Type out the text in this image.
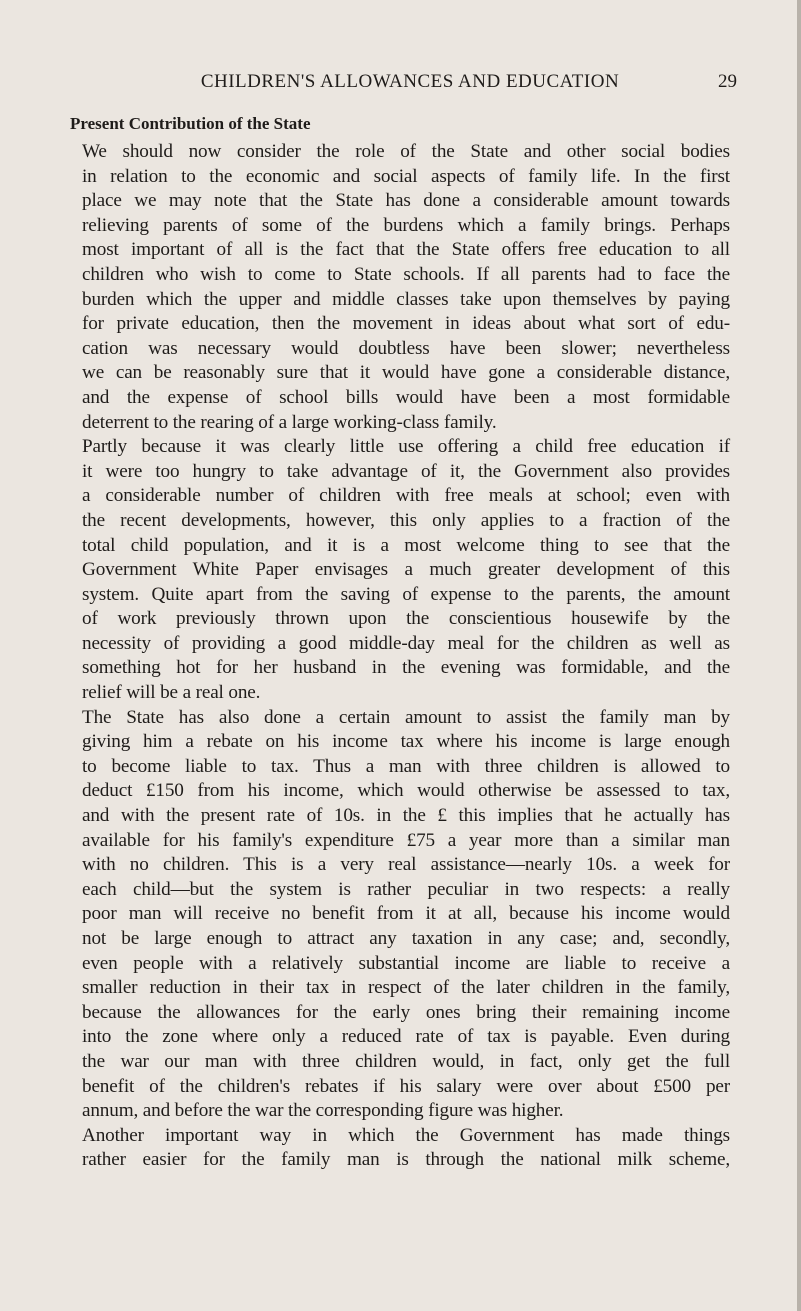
CHILDREN'S ALLOWANCES AND EDUCATION	29
Present Contribution of the State
We should now consider the role of the State and other social bodies
in relation to the economic and social aspects of family life. In the first
place we may note that the State has done a considerable amount towards
relieving parents of some of the burdens which a family brings. Perhaps
most important of all is the fact that the State offers free education to all
children who wish to come to State schools. If all parents had to face the
burden which the upper and middle classes take upon themselves by paying
for private education, then the movement in ideas about what sort of edu-
cation was necessary would doubtless have been slower; nevertheless
we can be reasonably sure that it would have gone a considerable distance,
and the expense of school bills would have been a most formidable
deterrent to the rearing of a large working-class family.
Partly because it was clearly little use offering a child free education if
it were too hungry to take advantage of it, the Government also provides
a considerable number of children with free meals at school; even with
the recent developments, however, this only applies to a fraction of the
total child population, and it is a most welcome thing to see that the
Government White Paper envisages a much greater development of this
system. Quite apart from the saving of expense to the parents, the amount
of work previously thrown upon the conscientious housewife by the
necessity of providing a good middle-day meal for the children as well as
something hot for her husband in the evening was formidable, and the
relief will be a real one.
The State has also done a certain amount to assist the family man by
giving him a rebate on his income tax where his income is large enough
to become liable to tax. Thus a man with three children is allowed to
deduct £150 from his income, which would otherwise be assessed to tax,
and with the present rate of 10s. in the £ this implies that he actually has
available for his family's expenditure £75 a year more than a similar man
with no children. This is a very real assistance—nearly 10s. a week for
each child—but the system is rather peculiar in two respects: a really
poor man will receive no benefit from it at all, because his income would
not be large enough to attract any taxation in any case; and, secondly,
even people with a relatively substantial income are liable to receive a
smaller reduction in their tax in respect of the later children in the family,
because the allowances for the early ones bring their remaining income
into the zone where only a reduced rate of tax is payable. Even during
the war our man with three children would, in fact, only get the full
benefit of the children's rebates if his salary were over about £500 per
annum, and before the war the corresponding figure was higher.
Another important way in which the Government has made things
rather easier for the family man is through the national milk scheme,
